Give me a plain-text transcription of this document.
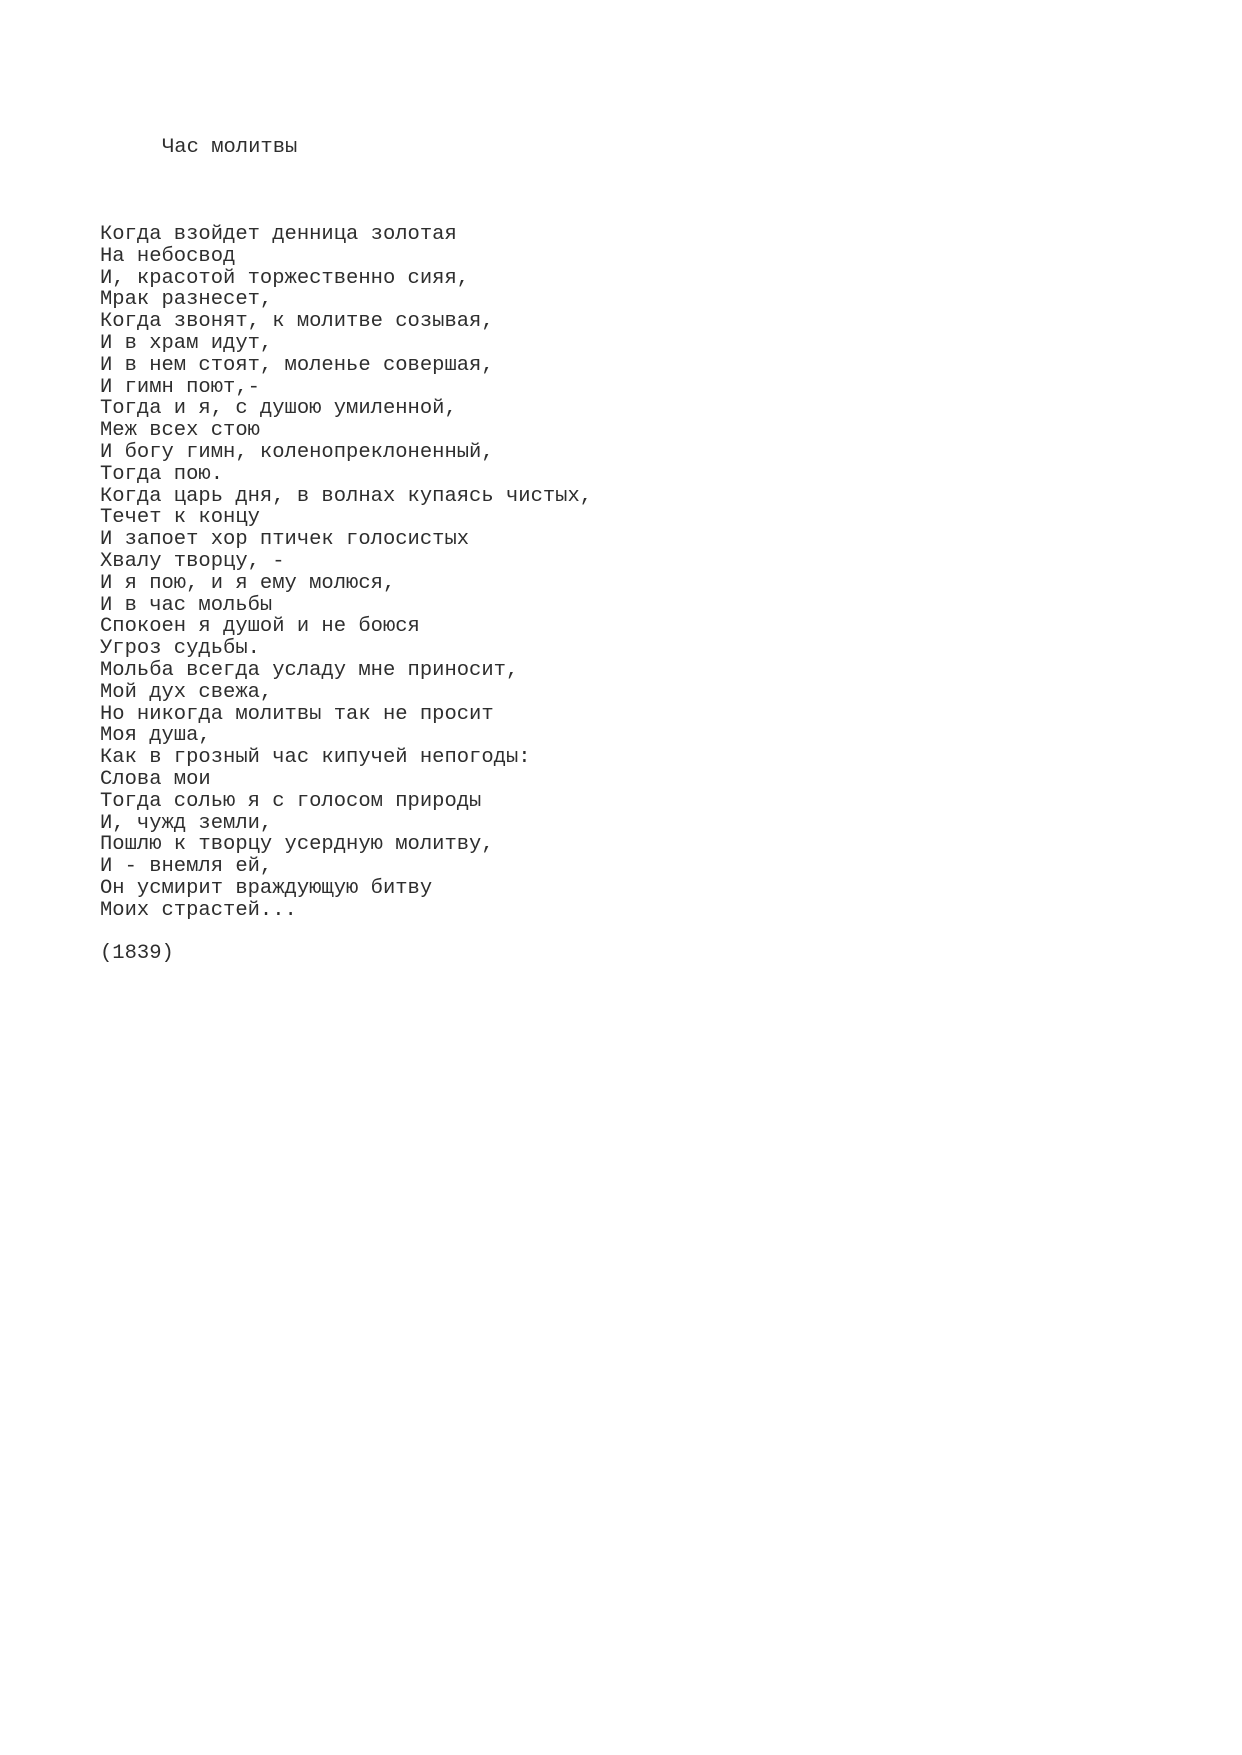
Час молитвы
Когда взойдет денница золотая
На небосвод
И, красотой торжественно сияя,
Мрак разнесет,
Когда звонят, к молитве созывая,
И в храм идут,
И в нем стоят, моленье совершая,
И гимн поют,-
Тогда и я, с душою умиленной,
Меж всех стою
И богу гимн, коленопреклоненный,
Тогда пою.
Когда царь дня, в волнах купаясь чистых,
Течет к концу
И запоет хор птичек голосистых
Хвалу творцу, -
И я пою, и я ему молюся,
И в час мольбы
Спокоен я душой и не боюся
Угроз судьбы.
Мольба всегда усладу мне приносит,
Мой дух свежа,
Но никогда молитвы так не просит
Моя душа,
Как в грозный час кипучей непогоды:
Слова мои
Тогда солью я с голосом природы
И, чужд земли,
Пошлю к творцу усердную молитву,
И - внемля ей,
Он усмирит враждующую битву
Моих страстей...
(1839)
